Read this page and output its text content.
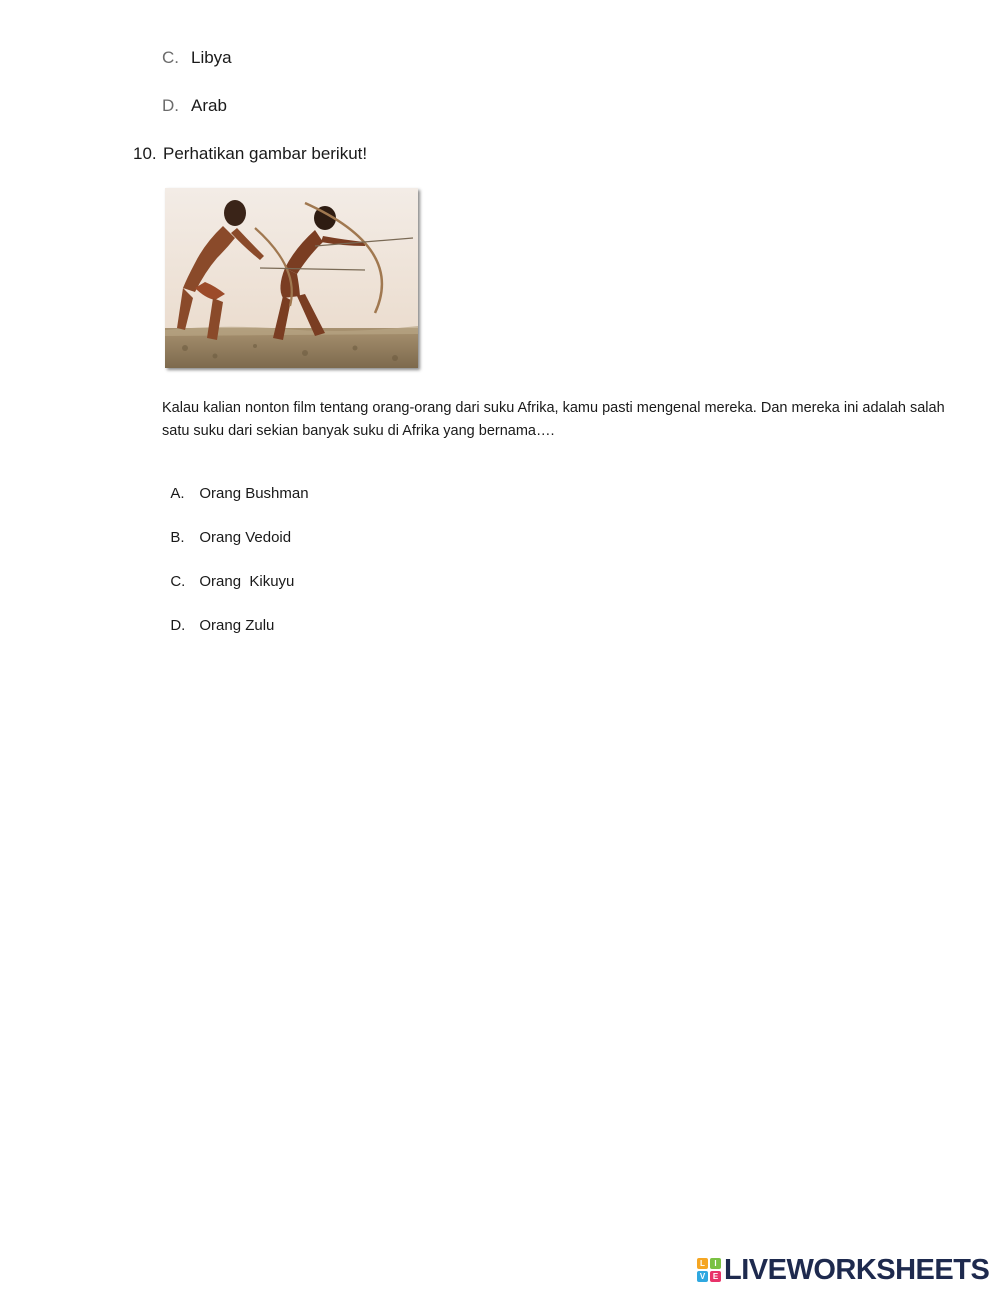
C. Libya
D. Arab
10. Perhatikan gambar berikut!
Kalau kalian nonton film tentang orang-orang dari suku Afrika, kamu pasti mengenal mereka. Dan mereka ini adalah salah satu suku dari sekian banyak suku di Afrika yang bernama….

A. Orang Bushman

B. Orang Vedoid

C. Orang  Kikuyu

D. Orang Zulu

L	I
V E LIVEWORKSHEETS
